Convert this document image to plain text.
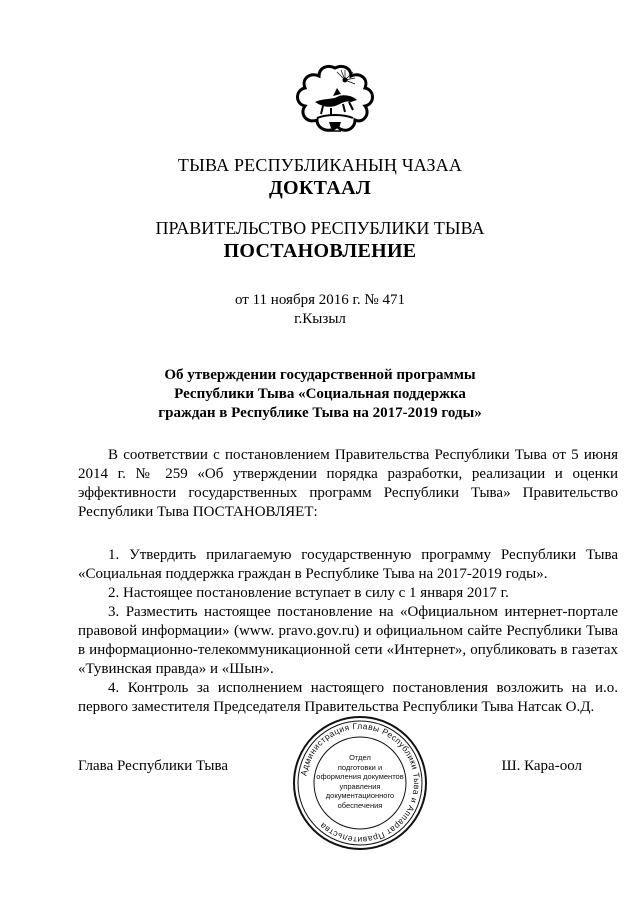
ТЫВА РЕСПУБЛИКАНЫҢ ЧАЗАА
ДОКТААЛ
ПРАВИТЕЛЬСТВО РЕСПУБЛИКИ ТЫВА
ПОСТАНОВЛЕНИЕ
от 11 ноября 2016 г. № 471
г.Кызыл
Об утверждении государственной программы
Республики Тыва «Социальная поддержка
граждан в Республике Тыва на 2017-2019 годы»

В соответствии с постановлением Правительства Республики Тыва от 5 июня 2014 г. № 259 «Об утверждении порядка разработки, реализации и оценки эффективности государственных программ Республики Тыва» Правительство Республики Тыва ПОСТАНОВЛЯЕТ:

1. Утвердить прилагаемую государственную программу Республики Тыва «Социальная поддержка граждан в Республике Тыва на 2017-2019 годы».

2. Настоящее постановление вступает в силу с 1 января 2017 г.

3. Разместить настоящее постановление на «Официальном интернет-портале правовой информации» (www. pravo.gov.ru) и официальном сайте Республики Тыва в информационно-телекоммуникационной сети «Интернет», опубликовать в газетах «Тувинская правда» и «Шын».

4. Контроль за исполнением настоящего постановления возложить на и.о. первого заместителя Председателя Правительства Республики Тыва Натсак О.Д.

Глава Республики Тыва	Ш. Кара-оол
Администрация Главы Республики Тыва и Аппарат Правительства
Отдел
подготовки и
оформления документов
управления
документационного
обеспечения
